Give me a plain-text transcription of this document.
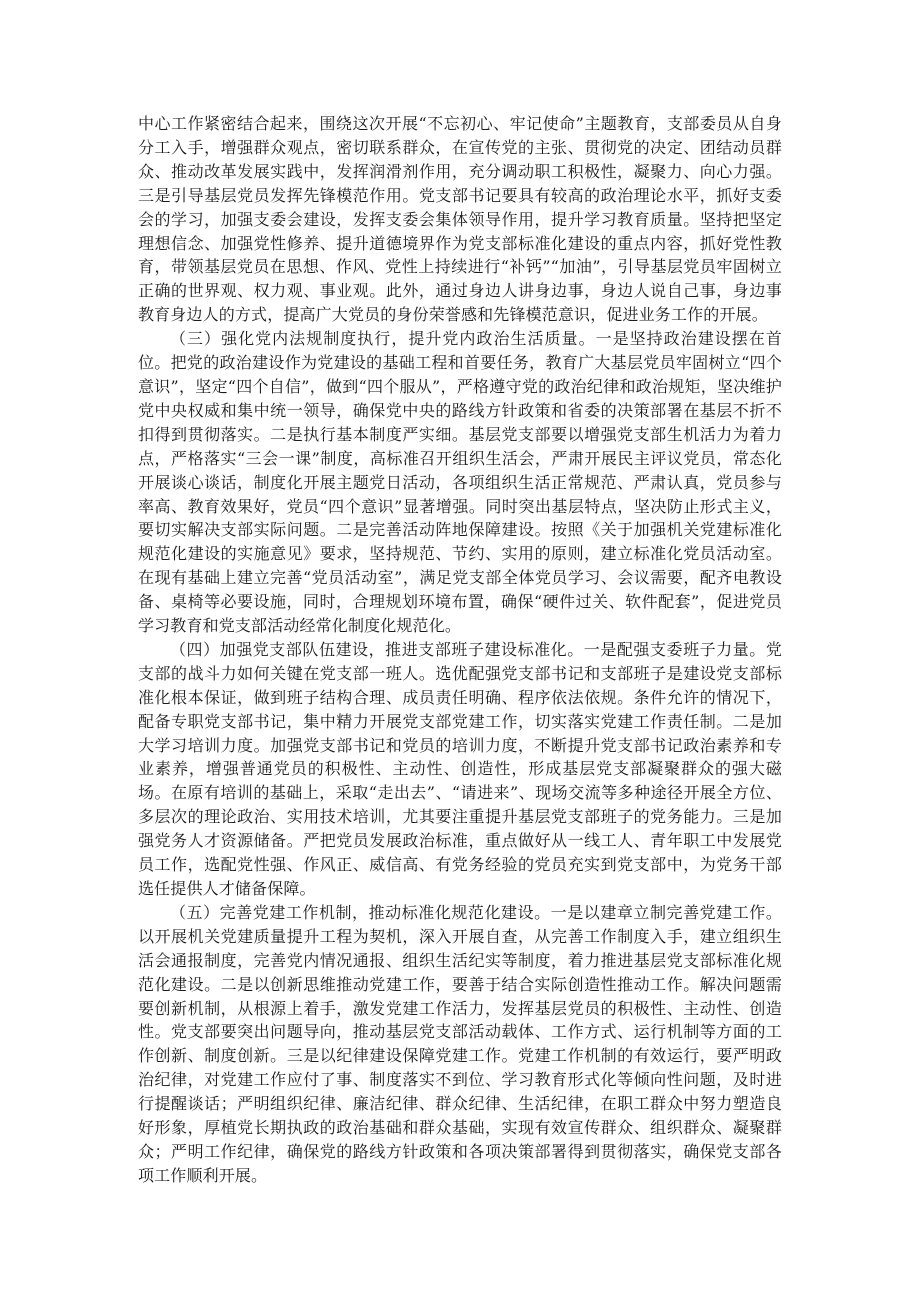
中心工作紧密结合起来，围绕这次开展“不忘初心、牢记使命”主题教育，支部委员从自身分工入手，增强群众观点，密切联系群众，在宣传党的主张、贯彻党的决定、团结动员群众、推动改革发展实践中，发挥润滑剂作用，充分调动职工积极性，凝聚力、向心力强。三是引导基层党员发挥先锋模范作用。党支部书记要具有较高的政治理论水平，抓好支委会的学习，加强支委会建设，发挥支委会集体领导作用，提升学习教育质量。坚持把坚定理想信念、加强党性修养、提升道德境界作为党支部标准化建设的重点内容，抓好党性教育，带领基层党员在思想、作风、党性上持续进行“补钙”“加油”，引导基层党员牢固树立正确的世界观、权力观、事业观。此外，通过身边人讲身边事，身边人说自己事，身边事教育身边人的方式，提高广大党员的身份荣誉感和先锋模范意识，促进业务工作的开展。

（三）强化党内法规制度执行，提升党内政治生活质量。一是坚持政治建设摆在首位。把党的政治建设作为党建设的基础工程和首要任务，教育广大基层党员牢固树立“四个意识”，坚定“四个自信”，做到“四个服从”，严格遵守党的政治纪律和政治规矩，坚决维护党中央权威和集中统一领导，确保党中央的路线方针政策和省委的决策部署在基层不折不扣得到贯彻落实。二是执行基本制度严实细。基层党支部要以增强党支部生机活力为着力点，严格落实“三会一课”制度，高标准召开组织生活会，严肃开展民主评议党员，常态化开展谈心谈话，制度化开展主题党日活动，各项组织生活正常规范、严肃认真，党员参与率高、教育效果好，党员“四个意识”显著增强。同时突出基层特点，坚决防止形式主义，要切实解决支部实际问题。二是完善活动阵地保障建设。按照《关于加强机关党建标准化规范化建设的实施意见》要求，坚持规范、节约、实用的原则，建立标准化党员活动室。在现有基础上建立完善“党员活动室”，满足党支部全体党员学习、会议需要，配齐电教设备、桌椅等必要设施，同时，合理规划环境布置，确保“硬件过关、软件配套”，促进党员学习教育和党支部活动经常化制度化规范化。

（四）加强党支部队伍建设，推进支部班子建设标准化。一是配强支委班子力量。党支部的战斗力如何关键在党支部一班人。选优配强党支部书记和支部班子是建设党支部标准化根本保证，做到班子结构合理、成员责任明确、程序依法依规。条件允许的情况下，配备专职党支部书记，集中精力开展党支部党建工作，切实落实党建工作责任制。二是加大学习培训力度。加强党支部书记和党员的培训力度，不断提升党支部书记政治素养和专业素养，增强普通党员的积极性、主动性、创造性，形成基层党支部凝聚群众的强大磁场。在原有培训的基础上，采取“走出去”、“请进来”、现场交流等多种途径开展全方位、多层次的理论政治、实用技术培训，尤其要注重提升基层党支部班子的党务能力。三是加强党务人才资源储备。严把党员发展政治标准，重点做好从一线工人、青年职工中发展党员工作，选配党性强、作风正、威信高、有党务经验的党员充实到党支部中，为党务干部选任提供人才储备保障。

（五）完善党建工作机制，推动标准化规范化建设。一是以建章立制完善党建工作。以开展机关党建质量提升工程为契机，深入开展自查，从完善工作制度入手，建立组织生活会通报制度，完善党内情况通报、组织生活纪实等制度，着力推进基层党支部标准化规范化建设。二是以创新思维推动党建工作，要善于结合实际创造性推动工作。解决问题需要创新机制，从根源上着手，激发党建工作活力，发挥基层党员的积极性、主动性、创造性。党支部要突出问题导向，推动基层党支部活动载体、工作方式、运行机制等方面的工作创新、制度创新。三是以纪律建设保障党建工作。党建工作机制的有效运行，要严明政治纪律，对党建工作应付了事、制度落实不到位、学习教育形式化等倾向性问题，及时进行提醒谈话；严明组织纪律、廉洁纪律、群众纪律、生活纪律，在职工群众中努力塑造良好形象，厚植党长期执政的政治基础和群众基础，实现有效宣传群众、组织群众、凝聚群众；严明工作纪律，确保党的路线方针政策和各项决策部署得到贯彻落实，确保党支部各项工作顺利开展。
